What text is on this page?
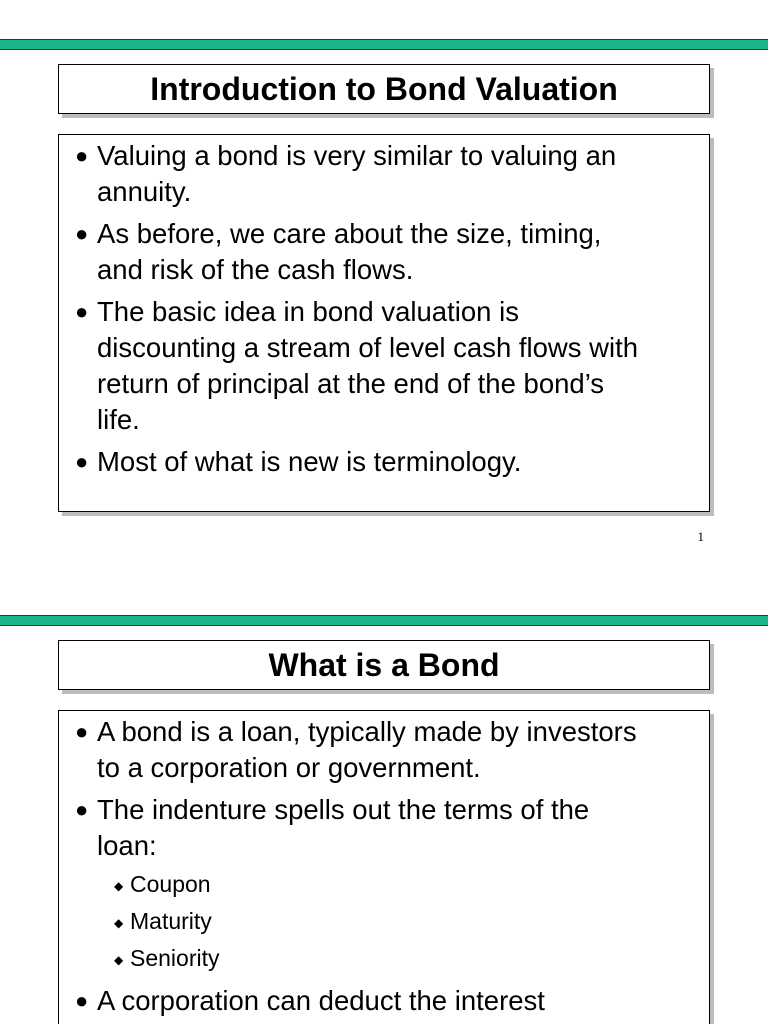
Introduction to Bond Valuation
● Valuing a bond is very similar to valuing an
annuity.
● As before, we care about the size, timing,
and risk of the cash flows.
● The basic idea in bond valuation is
discounting a stream of level cash flows with
return of principal at the end of the bond’s
life.
● Most of what is new is terminology.
1
What is a Bond
● A bond is a loan, typically made by investors
to a corporation or government.
● The indenture spells out the terms of the
loan:
◆ Coupon
◆ Maturity
◆ Seniority
● A corporation can deduct the interest
